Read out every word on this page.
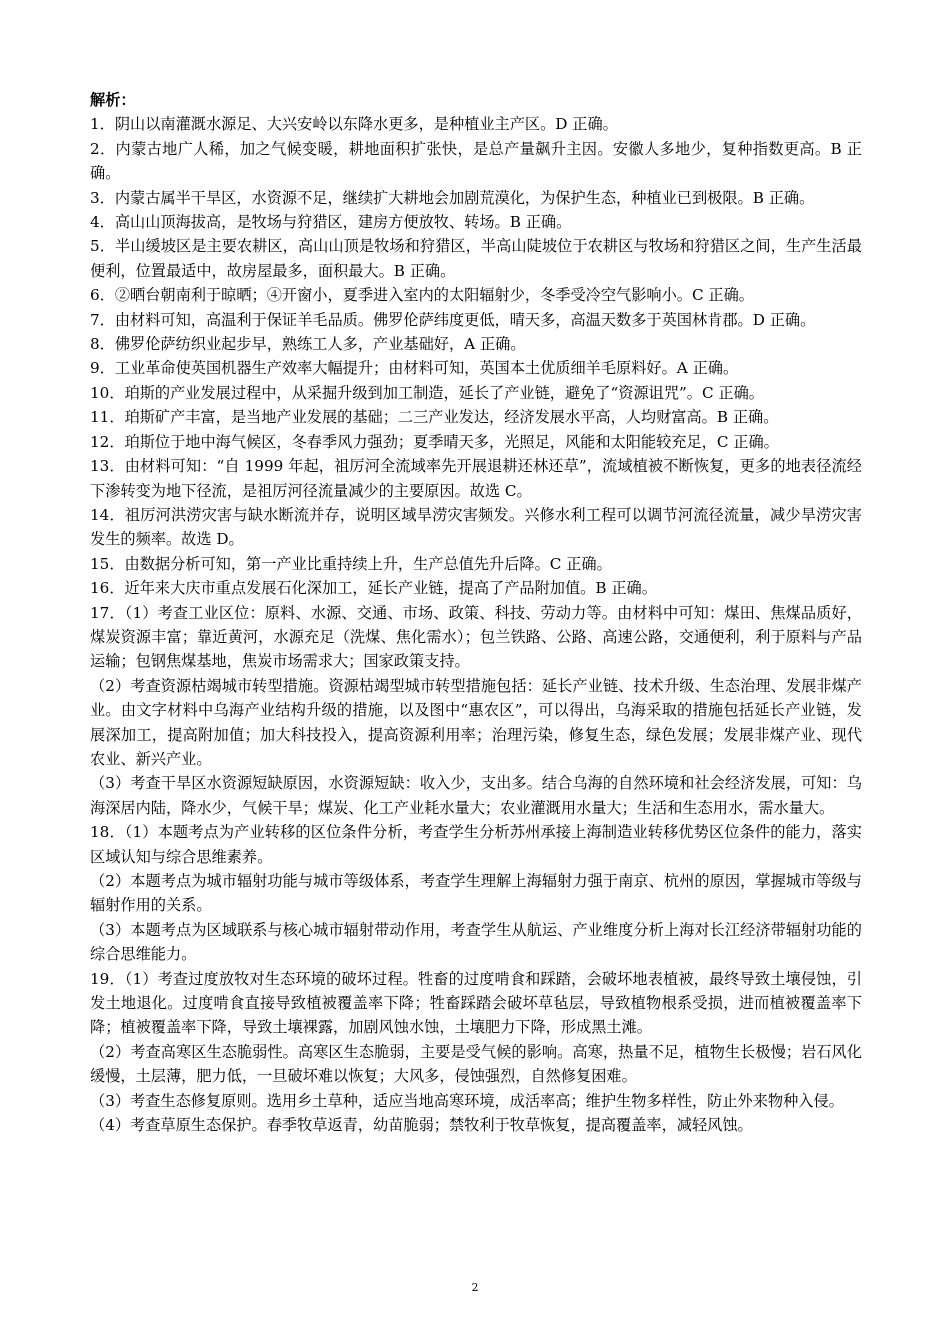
解析：

1．阴山以南灌溉水源足、大兴安岭以东降水更多，是种植业主产区。D 正确。

2．内蒙古地广人稀，加之气候变暖，耕地面积扩张快，是总产量飙升主因。安徽人多地少，复种指数更高。B 正确。

3．内蒙古属半干旱区，水资源不足，继续扩大耕地会加剧荒漠化，为保护生态，种植业已到极限。B 正确。

4．高山山顶海拔高，是牧场与狩猎区，建房方便放牧、转场。B 正确。

5．半山缓坡区是主要农耕区，高山山顶是牧场和狩猎区，半高山陡坡位于农耕区与牧场和狩猎区之间，生产生活最便利，位置最适中，故房屋最多，面积最大。B 正确。

6．②晒台朝南利于晾晒；④开窗小，夏季进入室内的太阳辐射少，冬季受冷空气影响小。C 正确。

7．由材料可知，高温利于保证羊毛品质。佛罗伦萨纬度更低，晴天多，高温天数多于英国林肯郡。D 正确。

8．佛罗伦萨纺织业起步早，熟练工人多，产业基础好，A 正确。

9．工业革命使英国机器生产效率大幅提升；由材料可知，英国本土优质细羊毛原料好。A 正确。

10．珀斯的产业发展过程中，从采掘升级到加工制造，延长了产业链，避免了“资源诅咒”。C 正确。

11．珀斯矿产丰富，是当地产业发展的基础；二三产业发达，经济发展水平高，人均财富高。B 正确。

12．珀斯位于地中海气候区，冬春季风力强劲；夏季晴天多，光照足，风能和太阳能较充足，C 正确。

13．由材料可知：“自 1999 年起，祖厉河全流域率先开展退耕还林还草”，流域植被不断恢复，更多的地表径流经下渗转变为地下径流，是祖厉河径流量减少的主要原因。故选 C。

14．祖厉河洪涝灾害与缺水断流并存，说明区域旱涝灾害频发。兴修水利工程可以调节河流径流量，减少旱涝灾害发生的频率。故选 D。

15．由数据分析可知，第一产业比重持续上升，生产总值先升后降。C 正确。

16．近年来大庆市重点发展石化深加工，延长产业链，提高了产品附加值。B 正确。

17．（1）考查工业区位：原料、水源、交通、市场、政策、科技、劳动力等。由材料中可知：煤田、焦煤品质好，煤炭资源丰富；靠近黄河，水源充足（洗煤、焦化需水）；包兰铁路、公路、高速公路，交通便利，利于原料与产品运输；包钢焦煤基地，焦炭市场需求大；国家政策支持。

（2）考查资源枯竭城市转型措施。资源枯竭型城市转型措施包括：延长产业链、技术升级、生态治理、发展非煤产业。由文字材料中乌海产业结构升级的措施，以及图中“惠农区”，可以得出，乌海采取的措施包括延长产业链，发展深加工，提高附加值；加大科技投入，提高资源利用率；治理污染，修复生态，绿色发展；发展非煤产业、现代农业、新兴产业。

（3）考查干旱区水资源短缺原因，水资源短缺：收入少，支出多。结合乌海的自然环境和社会经济发展，可知：乌海深居内陆，降水少，气候干旱；煤炭、化工产业耗水量大；农业灌溉用水量大；生活和生态用水，需水量大。

18．（1）本题考点为产业转移的区位条件分析，考查学生分析苏州承接上海制造业转移优势区位条件的能力，落实区域认知与综合思维素养。

（2）本题考点为城市辐射功能与城市等级体系，考查学生理解上海辐射力强于南京、杭州的原因，掌握城市等级与辐射作用的关系。

（3）本题考点为区域联系与核心城市辐射带动作用，考查学生从航运、产业维度分析上海对长江经济带辐射功能的综合思维能力。

19．（1）考查过度放牧对生态环境的破坏过程。牲畜的过度啃食和踩踏，会破坏地表植被，最终导致土壤侵蚀，引发土地退化。过度啃食直接导致植被覆盖率下降；牲畜踩踏会破坏草毡层，导致植物根系受损，进而植被覆盖率下降；植被覆盖率下降，导致土壤裸露，加剧风蚀水蚀，土壤肥力下降，形成黑土滩。

（2）考查高寒区生态脆弱性。高寒区生态脆弱，主要是受气候的影响。高寒，热量不足，植物生长极慢；岩石风化缓慢，土层薄，肥力低，一旦破坏难以恢复；大风多，侵蚀强烈，自然修复困难。

（3）考查生态修复原则。选用乡土草种，适应当地高寒环境，成活率高；维护生物多样性，防止外来物种入侵。

（4）考查草原生态保护。春季牧草返青，幼苗脆弱；禁牧利于牧草恢复，提高覆盖率，减轻风蚀。

2
